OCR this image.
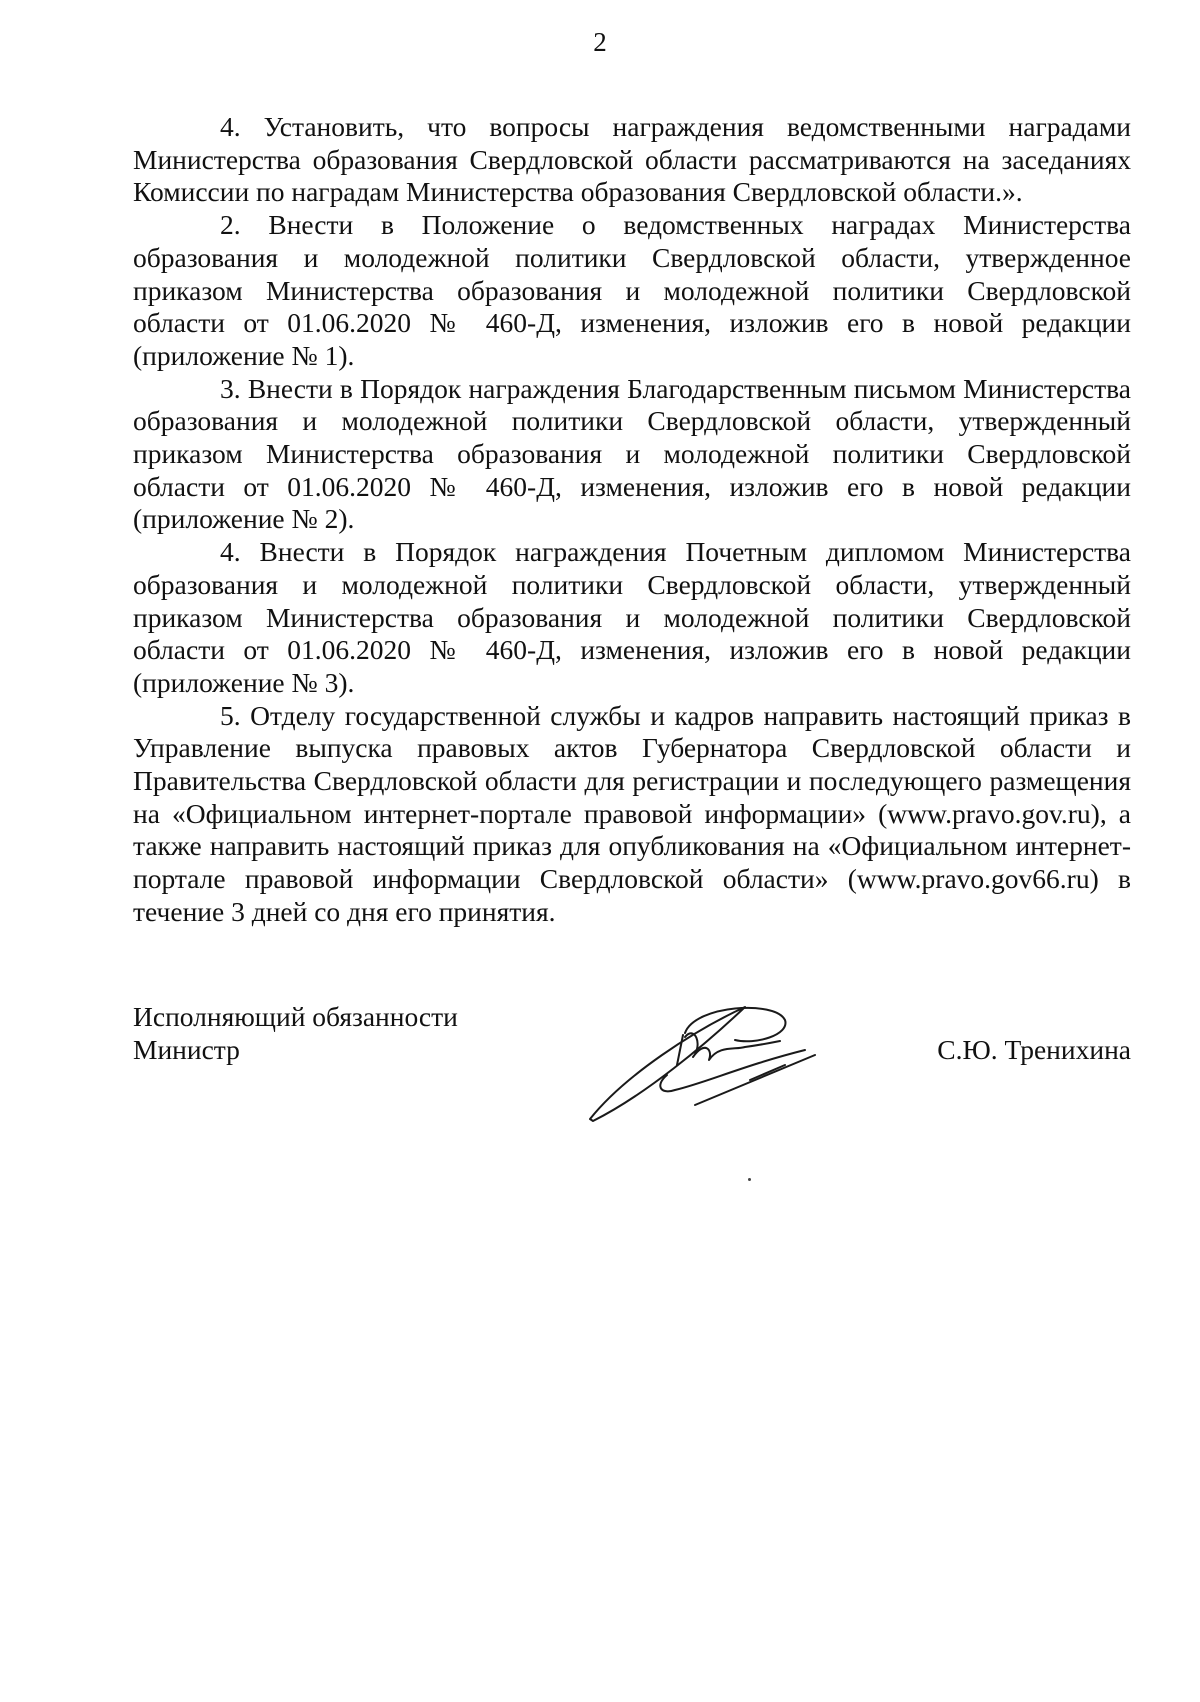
2

4. Установить, что вопросы награждения ведомственными наградами Министерства образования Свердловской области рассматриваются на заседаниях Комиссии по наградам Министерства образования Свердловской области.».

2. Внести в Положение о ведомственных наградах Министерства образования и молодежной политики Свердловской области, утвержденное приказом Министерства образования и молодежной политики Свердловской области от 01.06.2020 № 460-Д, изменения, изложив его в новой редакции (приложение № 1).

3. Внести в Порядок награждения Благодарственным письмом Министерства образования и молодежной политики Свердловской области, утвержденный приказом Министерства образования и молодежной политики Свердловской области от 01.06.2020 № 460-Д, изменения, изложив его в новой редакции (приложение № 2).

4. Внести в Порядок награждения Почетным дипломом Министерства образования и молодежной политики Свердловской области, утвержденный приказом Министерства образования и молодежной политики Свердловской области от 01.06.2020 № 460-Д, изменения, изложив его в новой редакции (приложение № 3).

5. Отделу государственной службы и кадров направить настоящий приказ в Управление выпуска правовых актов Губернатора Свердловской области и Правительства Свердловской области для регистрации и последующего размещения на «Официальном интернет-портале правовой информации» (www.pravo.gov.ru), а также направить настоящий приказ для опубликования на «Официальном интернет-портале правовой информации Свердловской области» (www.pravo.gov66.ru) в течение 3 дней со дня его принятия.

Исполняющий обязанности
Министр	С.Ю. Тренихина
